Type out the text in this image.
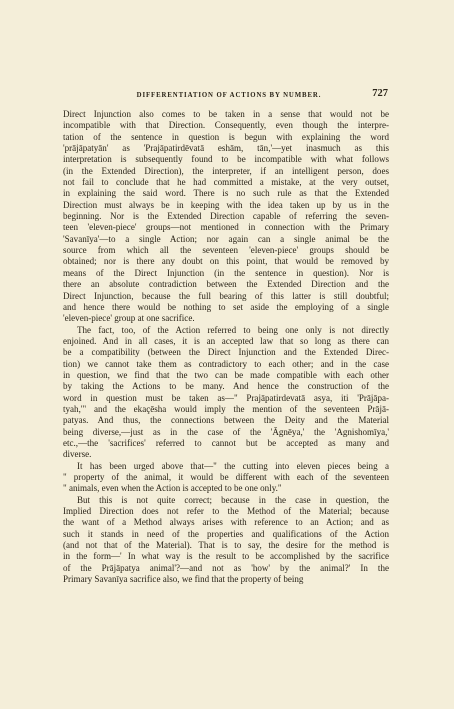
DIFFERENTIATION OF ACTIONS BY NUMBER.	727
Direct Injunction also comes to be taken in a sense that would not be
incompatible with that Direction. Consequently, even though the interpre-
tation of the sentence in question is begun with explaining the word
'prājāpatyān' as 'Prajāpatirdēvatā eshām, tān,'—yet inasmuch as this
interpretation is subsequently found to be incompatible with what follows
(in the Extended Direction), the interpreter, if an intelligent person, does
not fail to conclude that he had committed a mistake, at the very outset,
in explaining the said word. There is no such rule as that the Extended
Direction must always be in keeping with the idea taken up by us in the
beginning. Nor is the Extended Direction capable of referring the seven-
teen 'eleven-piece' groups—not mentioned in connection with the Primary
'Savanīya'—to a single Action; nor again can a single animal be the
source from which all the seventeen 'eleven-piece' groups should be
obtained; nor is there any doubt on this point, that would be removed by
means of the Direct Injunction (in the sentence in question). Nor is
there an absolute contradiction between the Extended Direction and the
Direct Injunction, because the full bearing of this latter is still doubtful;
and hence there would be nothing to set aside the employing of a single
'eleven-piece' group at one sacrifice.
The fact, too, of the Action referred to being one only is not directly
enjoined. And in all cases, it is an accepted law that so long as there can
be a compatibility (between the Direct Injunction and the Extended Direc-
tion) we cannot take them as contradictory to each other; and in the case
in question, we find that the two can be made compatible with each other
by taking the Actions to be many. And hence the construction of the
word in question must be taken as—" Prajāpatirdevatā asya, iti 'Prājāpa-
tyah,'" and the ekaçēsha would imply the mention of the seventeen Prājā-
patyas. And thus, the connections between the Deity and the Material
being diverse,—just as in the case of the 'Āgnēya,' the 'Agnishomīya,'
etc.,—the 'sacrifices' referred to cannot but be accepted as many and
diverse.
It has been urged above that—" the cutting into eleven pieces being a
" property of the animal, it would be different with each of the seventeen
" animals, even when the Action is accepted to be one only."
But this is not quite correct; because in the case in question, the
Implied Direction does not refer to the Method of the Material; because
the want of a Method always arises with reference to an Action; and as
such it stands in need of the properties and qualifications of the Action
(and not that of the Material). That is to say, the desire for the method is
in the form—' In what way is the result to be accomplished by the sacrifice
of the Prājāpatya animal'?—and not as 'how' by the animal?' In the
Primary Savanīya sacrifice also, we find that the property of being
